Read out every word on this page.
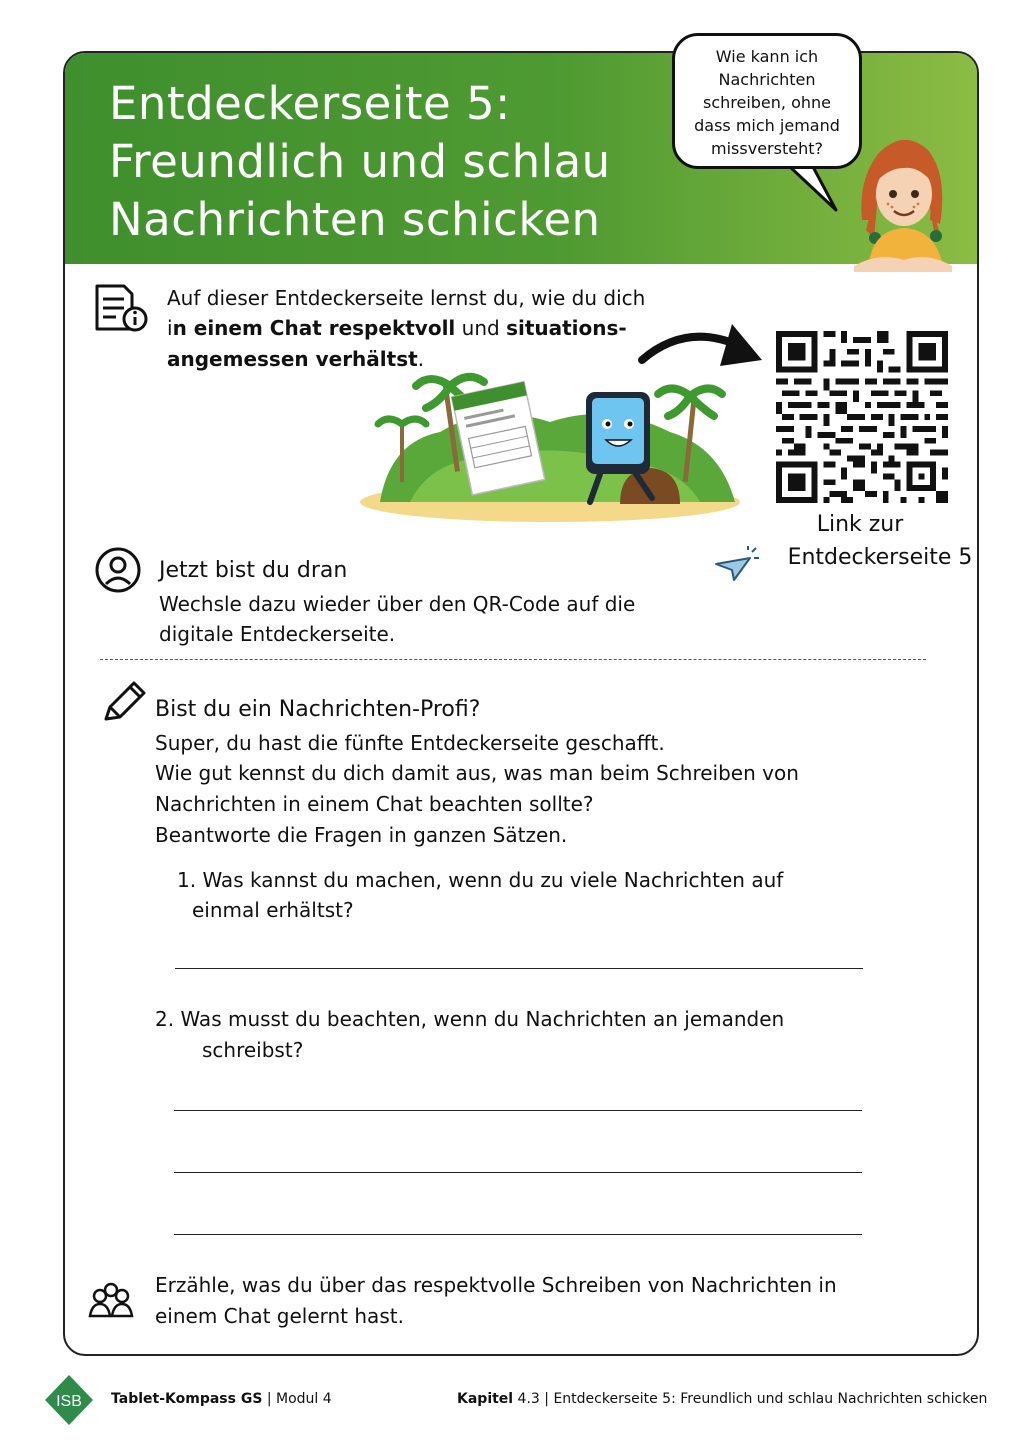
Entdeckerseite 5:
Freundlich und schlau
Nachrichten schicken
Wie kann ich
Nachrichten
schreiben, ohne
dass mich jemand
missversteht?
Auf dieser Entdeckerseite lernst du, wie du dich
in einem Chat respektvoll und situations-
angemessen verhältst.
Link zur
Entdeckerseite 5
Jetzt bist du dran
Wechsle dazu wieder über den QR-Code auf die
digitale Entdeckerseite.
Bist du ein Nachrichten-Profi?
Super, du hast die fünfte Entdeckerseite geschafft.
Wie gut kennst du dich damit aus, was man beim Schreiben von
Nachrichten in einem Chat beachten sollte?
Beantworte die Fragen in ganzen Sätzen.
1. Was kannst du machen, wenn du zu viele Nachrichten auf
einmal erhältst?
2. Was musst du beachten, wenn du Nachrichten an jemanden
schreibst?
Erzähle, was du über das respektvolle Schreiben von Nachrichten in
einem Chat gelernt hast.
ISB Tablet-Kompass GS | Modul 4	Kapitel 4.3 | Entdeckerseite 5: Freundlich und schlau Nachrichten schicken
